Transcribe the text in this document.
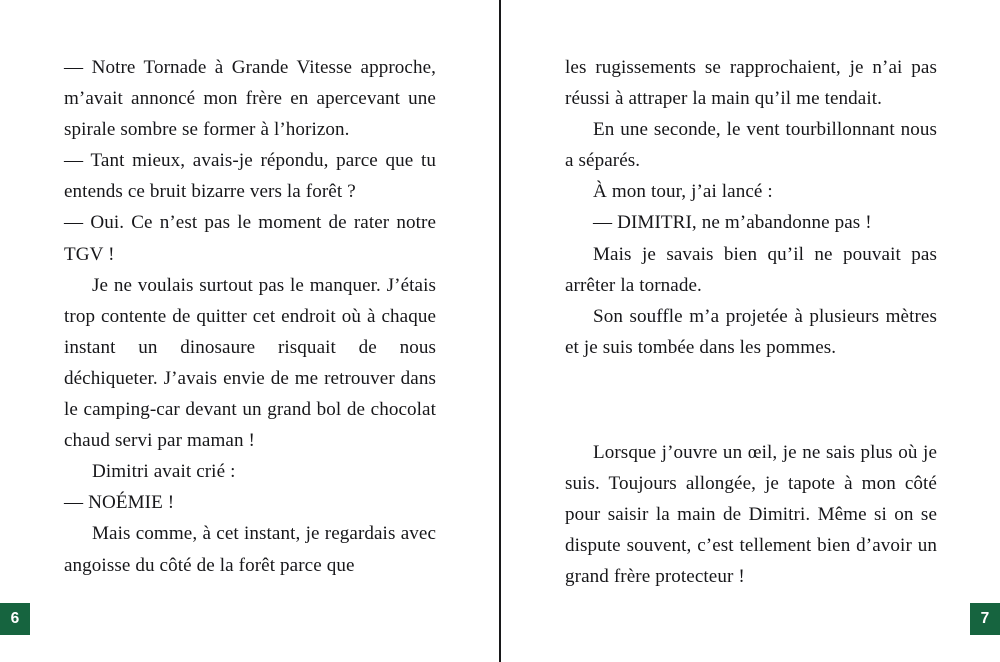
— Notre Tornade à Grande Vitesse approche, m’avait annoncé mon frère en apercevant une spirale sombre se former à l’horizon.

— Tant mieux, avais-je répondu, parce que tu entends ce bruit bizarre vers la forêt ?

— Oui. Ce n’est pas le moment de rater notre TGV !

Je ne voulais surtout pas le manquer. J’étais trop contente de quitter cet endroit où à chaque instant un dinosaure risquait de nous déchiqueter. J’avais envie de me retrouver dans le camping-car devant un grand bol de chocolat chaud servi par maman !

Dimitri avait crié :

— NOÉMIE !

Mais comme, à cet instant, je regardais avec angoisse du côté de la forêt parce que

6

les rugissements se rapprochaient, je n’ai pas réussi à attraper la main qu’il me tendait.

En une seconde, le vent tourbillonnant nous a séparés.

À mon tour, j’ai lancé :

— DIMITRI, ne m’abandonne pas !

Mais je savais bien qu’il ne pouvait pas arrêter la tornade.

Son souffle m’a projetée à plusieurs mètres et je suis tombée dans les pommes.

Lorsque j’ouvre un œil, je ne sais plus où je suis. Toujours allongée, je tapote à mon côté pour saisir la main de Dimitri. Même si on se dispute souvent, c’est tellement bien d’avoir un grand frère protecteur !

7
